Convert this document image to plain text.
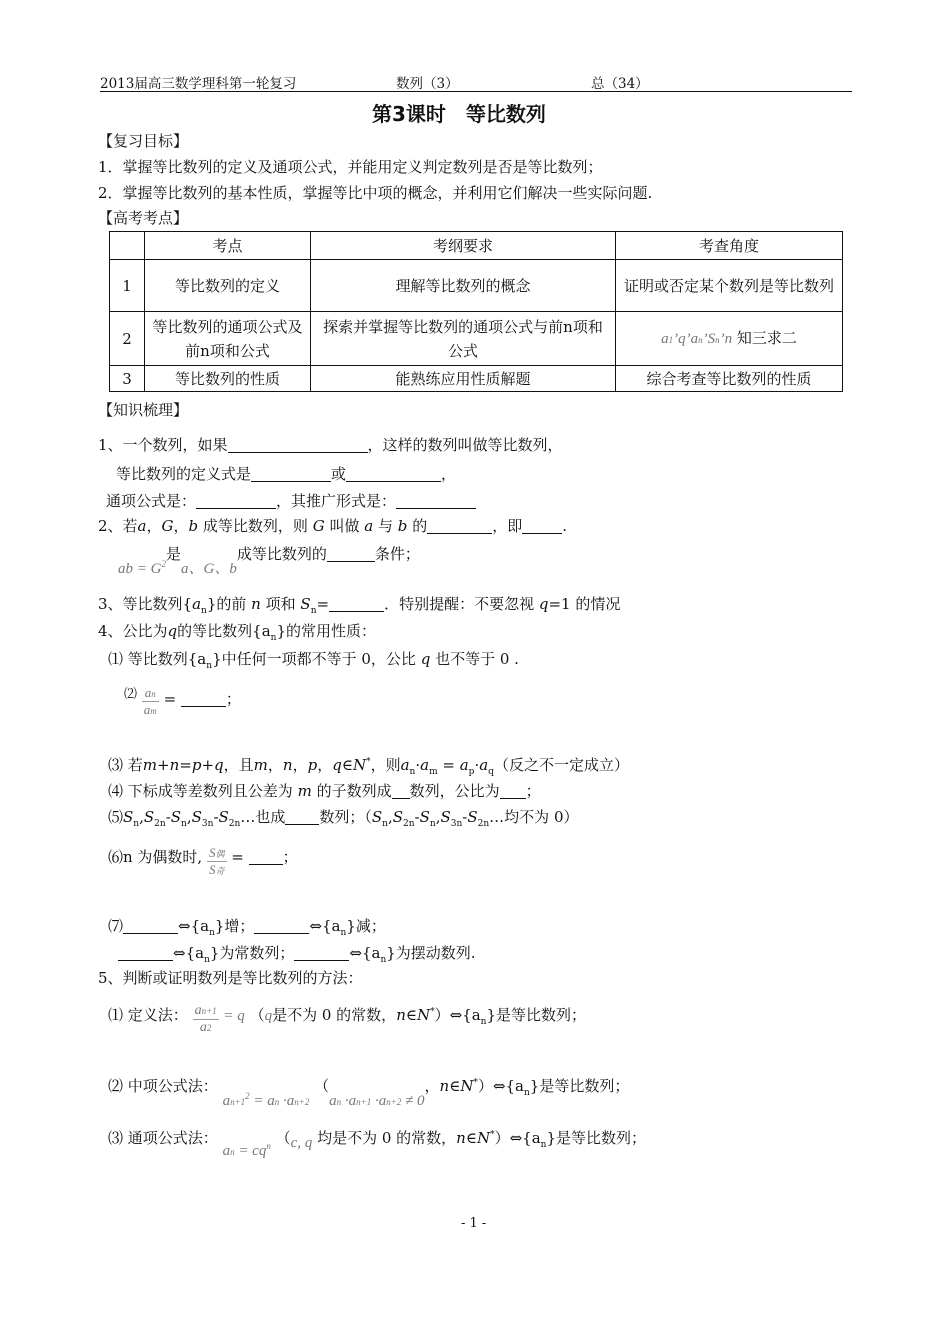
2013届高三数学理科第一轮复习	数列（3）	总（34）
第3课时　等比数列
【复习目标】
1．掌握等比数列的定义及通项公式，并能用定义判定数列是否是等比数列；
2．掌握等比数列的基本性质，掌握等比中项的概念，并利用它们解决一些实际问题.
【高考考点】
	考点	考纲要求	考查角度
1	等比数列的定义	理解等比数列的概念	证明或否定某个数列是等比数列
2	等比数列的通项公式及前n项和公式	探索并掌握等比数列的通项公式与前n项和公式	a1’q’an’Sn’n 知三求二
3	等比数列的性质	能熟练应用性质解题	综合考查等比数列的性质
【知识梳理】
1、一个数列，如果	，这样的数列叫做等比数列，
等比数列的定义式是	或	，
通项公式是：	，其推广形式是：
2、若a，G，b 成等比数列，则 G 叫做 a 与 b 的	，即	.
ab = $G^2$是a、G、b成等比数列的	条件；
3、等比数列$\{a_n\}$的前 n 项和 $S_n=$	．特别提醒：不要忽视 q=1 的情况
4、公比为q的等比数列$\{a_n\}$的常用性质：
⑴ 等比数列$\{a_n\}$中任何一项都不等于 0，公比 q 也不等于 0 .
⑵ $\frac{an}{am}$ =	；
⑶ 若m+n=p+q，且m，n，p，q∈N*，则$a_n\cdot a_m = a_p\cdot a_q$（反之不一定成立）
⑷ 下标成等差数列且公差为 m 的子数列成 数列，公比为 ；
$⑸S_n,S_{2n}-S_n,S_{3n}-S_{2n}\dots$也成 数列；（$S_n,S_{2n}-S_n,S_{3n}-S_{2n}\dots$均不为 0）
⑹n 为偶数时, $\frac{\text{S偶}}{\text{S奇}}$ = ；
⑺	$\Leftrightarrow\{a_n\}$增；	$\Leftrightarrow\{a_n\}$减；
$\Leftrightarrow\{a_n\}$为常数列；	$\Leftrightarrow\{a_n\}$为摆动数列.
5、判断或证明数列是等比数列的方法：
⑴ 定义法： $\frac{an+1}{a2} = q$ （q是不为 0 的常数，$n\in N^*)\Leftrightarrow\{a_n\}$是等比数列；
⑵ 中项公式法： $an+1^2$ = an ·an+2 （an ·an+1 ·an+2 ≠ 0，$n\in N^*)\Leftrightarrow\{a_n\}$是等比数列；
⑶ 通项公式法： an = $cq^n$ （c, q 均是不为 0 的常数，$n\in N^*)\Leftrightarrow\{a_n\}$是等比数列；
- 1 -
